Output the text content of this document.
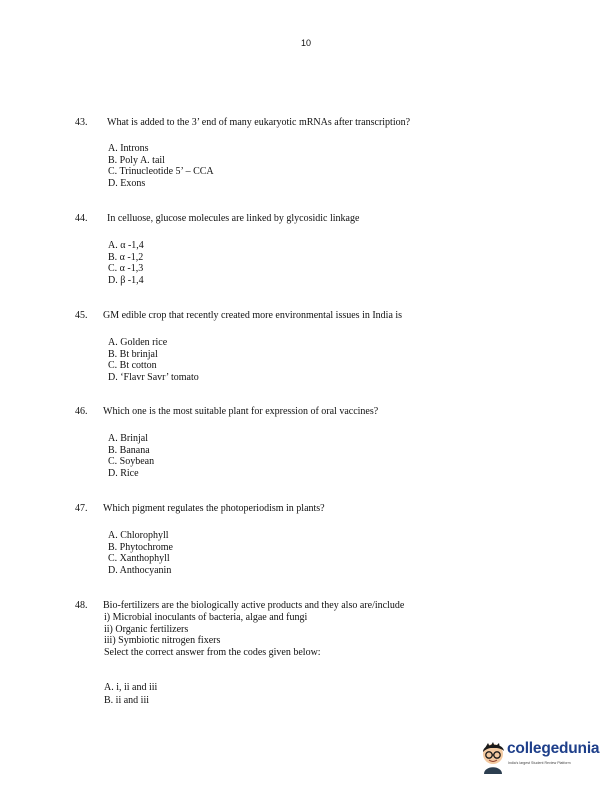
10
43. What is added to the 3’ end of many eukaryotic mRNAs after transcription?
A. Introns
B. Poly A. tail
C. Trinucleotide 5’ – CCA
D. Exons
44. In celluose, glucose molecules are linked by glycosidic linkage
A. α -1,4
B. α -1,2
C. α -1,3
D. β -1,4
45. GM edible crop that recently created more environmental issues in India is
A. Golden rice
B. Bt brinjal
C. Bt cotton
D. ‘Flavr Savr’ tomato
46. Which one is the most suitable plant for expression of oral vaccines?
A. Brinjal
B. Banana
C. Soybean
D. Rice
47. Which pigment regulates the photoperiodism in plants?
A. Chlorophyll
B. Phytochrome
C. Xanthophyll
D. Anthocyanin
48. Bio-fertilizers are the biologically active products and they also are/include
i) Microbial inoculants of bacteria, algae and fungi
ii) Organic fertilizers
iii) Symbiotic nitrogen fixers
Select the correct answer from the codes given below:
A. i, ii and iii
B. ii and iii
collegedunia
India's largest Student Review Platform
